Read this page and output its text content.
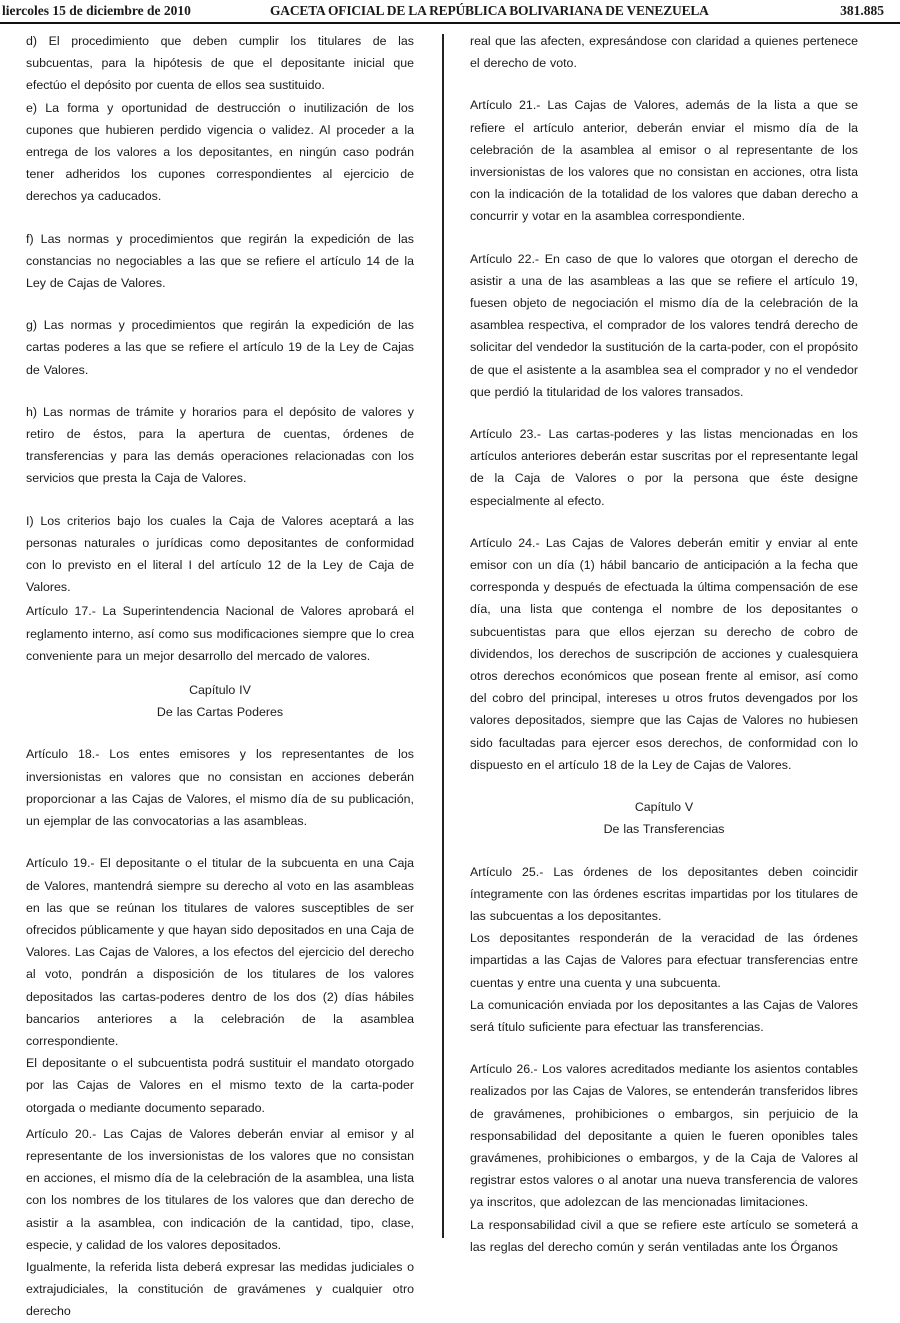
liercoles 15 de diciembre de 2010	GACETA OFICIAL DE LA REPÚBLICA BOLIVARIANA DE VENEZUELA	381.885

d) El procedimiento que deben cumplir los titulares de las subcuentas, para la hipótesis de que el depositante inicial que efectúo el depósito por cuenta de ellos sea sustituido.

e) La forma y oportunidad de destrucción o inutilización de los cupones que hubieren perdido vigencia o validez. Al proceder a la entrega de los valores a los depositantes, en ningún caso podrán tener adheridos los cupones correspondientes al ejercicio de derechos ya caducados.

f) Las normas y procedimientos que regirán la expedición de las constancias no negociables a las que se refiere el artículo 14 de la Ley de Cajas de Valores.

g) Las normas y procedimientos que regirán la expedición de las cartas poderes a las que se refiere el artículo 19 de la Ley de Cajas de Valores.

h) Las normas de trámite y horarios para el depósito de valores y retiro de éstos, para la apertura de cuentas, órdenes de transferencias y para las demás operaciones relacionadas con los servicios que presta la Caja de Valores.

I) Los criterios bajo los cuales la Caja de Valores aceptará a las personas naturales o jurídicas como depositantes de conformidad con lo previsto en el literal I del artículo 12 de la Ley de Caja de Valores.

Artículo 17.- La Superintendencia Nacional de Valores aprobará el reglamento interno, así como sus modificaciones siempre que lo crea conveniente para un mejor desarrollo del mercado de valores.

Capítulo IV

De las Cartas Poderes

Artículo 18.- Los entes emisores y los representantes de los inversionistas en valores que no consistan en acciones deberán proporcionar a las Cajas de Valores, el mismo día de su publicación, un ejemplar de las convocatorias a las asambleas.

Artículo 19.- El depositante o el titular de la subcuenta en una Caja de Valores, mantendrá siempre su derecho al voto en las asambleas en las que se reúnan los titulares de valores susceptibles de ser ofrecidos públicamente y que hayan sido depositados en una Caja de Valores. Las Cajas de Valores, a los efectos del ejercicio del derecho al voto, pondrán a disposición de los titulares de los valores depositados las cartas-poderes dentro de los dos (2) días hábiles bancarios anteriores a la celebración de la asamblea correspondiente.

El depositante o el subcuentista podrá sustituir el mandato otorgado por las Cajas de Valores en el mismo texto de la carta-poder otorgada o mediante documento separado.

Artículo 20.- Las Cajas de Valores deberán enviar al emisor y al representante de los inversionistas de los valores que no consistan en acciones, el mismo día de la celebración de la asamblea, una lista con los nombres de los titulares de los valores que dan derecho de asistir a la asamblea, con indicación de la cantidad, tipo, clase, especie, y calidad de los valores depositados.

Igualmente, la referida lista deberá expresar las medidas judiciales o extrajudiciales, la constitución de gravámenes y cualquier otro derecho

real que las afecten, expresándose con claridad a quienes pertenece el derecho de voto.

Artículo 21.- Las Cajas de Valores, además de la lista a que se refiere el artículo anterior, deberán enviar el mismo día de la celebración de la asamblea al emisor o al representante de los inversionistas de los valores que no consistan en acciones, otra lista con la indicación de la totalidad de los valores que daban derecho a concurrir y votar en la asamblea correspondiente.

Artículo 22.- En caso de que lo valores que otorgan el derecho de asistir a una de las asambleas a las que se refiere el artículo 19, fuesen objeto de negociación el mismo día de la celebración de la asamblea respectiva, el comprador de los valores tendrá derecho de solicitar del vendedor la sustitución de la carta-poder, con el propósito de que el asistente a la asamblea sea el comprador y no el vendedor que perdió la titularidad de los valores transados.

Artículo 23.- Las cartas-poderes y las listas mencionadas en los artículos anteriores deberán estar suscritas por el representante legal de la Caja de Valores o por la persona que éste designe especialmente al efecto.

Artículo 24.- Las Cajas de Valores deberán emitir y enviar al ente emisor con un día (1) hábil bancario de anticipación a la fecha que corresponda y después de efectuada la última compensación de ese día, una lista que contenga el nombre de los depositantes o subcuentistas para que ellos ejerzan su derecho de cobro de dividendos, los derechos de suscripción de acciones y cualesquiera otros derechos económicos que posean frente al emisor, así como del cobro del principal, intereses u otros frutos devengados por los valores depositados, siempre que las Cajas de Valores no hubiesen sido facultadas para ejercer esos derechos, de conformidad con lo dispuesto en el artículo 18 de la Ley de Cajas de Valores.

Capítulo V

De las Transferencias

Artículo 25.- Las órdenes de los depositantes deben coincidir íntegramente con las órdenes escritas impartidas por los titulares de las subcuentas a los depositantes.

Los depositantes responderán de la veracidad de las órdenes impartidas a las Cajas de Valores para efectuar transferencias entre cuentas y entre una cuenta y una subcuenta.

La comunicación enviada por los depositantes a las Cajas de Valores será título suficiente para efectuar las transferencias.

Artículo 26.- Los valores acreditados mediante los asientos contables realizados por las Cajas de Valores, se entenderán transferidos libres de gravámenes, prohibiciones o embargos, sin perjuicio de la responsabilidad del depositante a quien le fueren oponibles tales gravámenes, prohibiciones o embargos, y de la Caja de Valores al registrar estos valores o al anotar una nueva transferencia de valores ya inscritos, que adolezcan de las mencionadas limitaciones.

La responsabilidad civil a que se refiere este artículo se someterá a las reglas del derecho común y serán ventiladas ante los Órganos
